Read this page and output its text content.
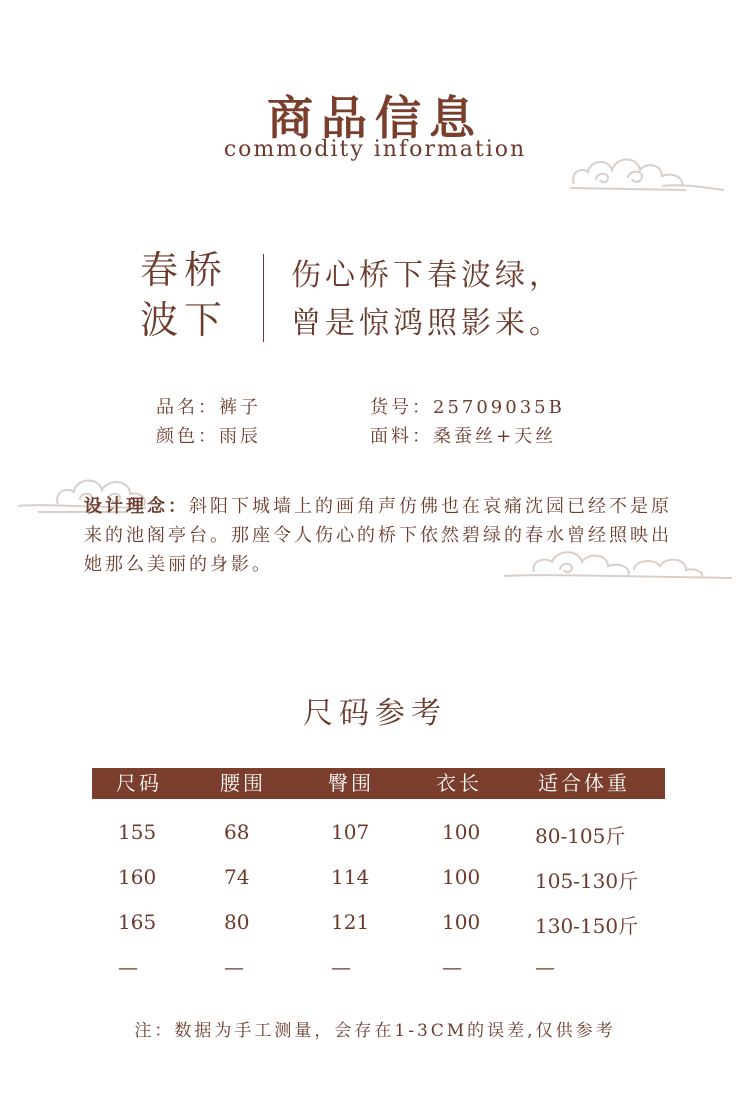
商品信息
commodity information
春桥
波下
伤心桥下春波绿，
曾是惊鸿照影来。
品名：裤子	货号：25709035B
颜色：雨辰	面料：桑蚕丝+天丝
设计理念：斜阳下城墙上的画角声仿佛也在哀痛沈园已经不是原来的池阁亭台。那座令人伤心的桥下依然碧绿的春水曾经照映出她那么美丽的身影。
尺码参考
尺码	腰围	臀围	衣长	适合体重
155	68	107	100	80-105斤
160	74	114	100	105-130斤
165	80	121	100	130-150斤
—	—	—	—	—
注：数据为手工测量，会存在1-3CM的误差,仅供参考
